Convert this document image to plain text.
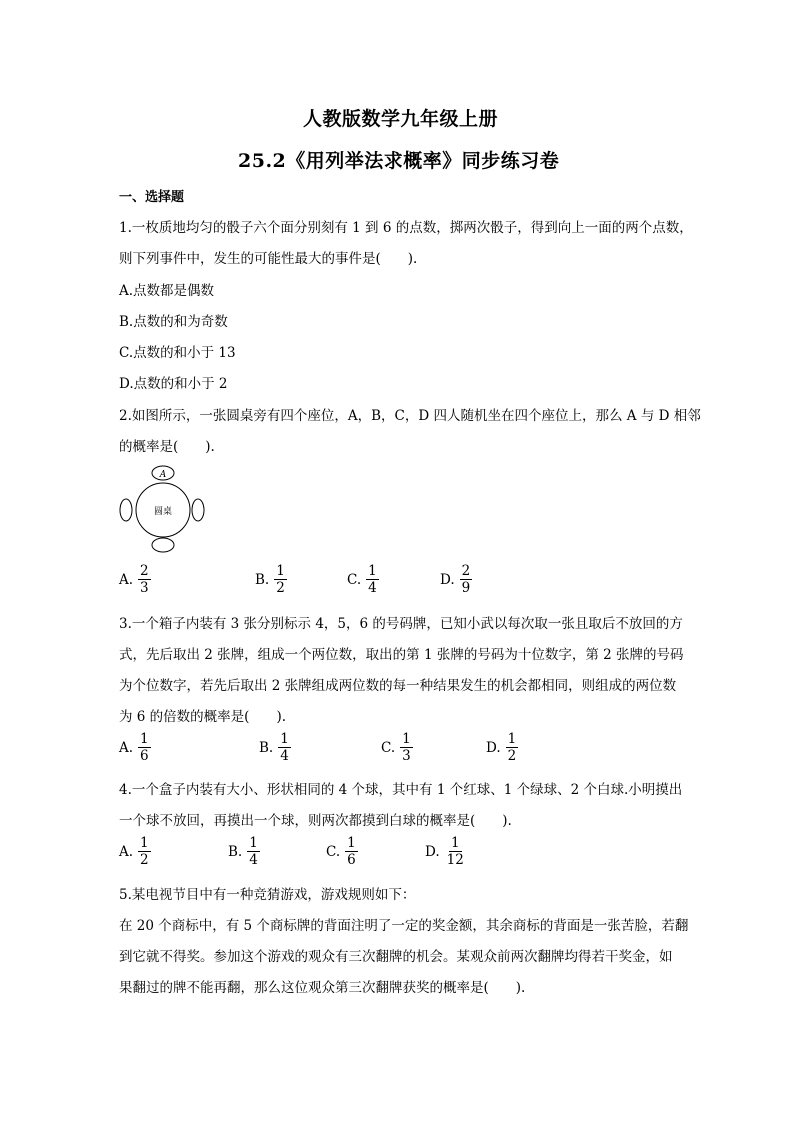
人教版数学九年级上册
25.2《用列举法求概率》同步练习卷
一、选择题
1.一枚质地均匀的骰子六个面分别刻有 1 到 6 的点数，掷两次骰子，得到向上一面的两个点数，
则下列事件中，发生的可能性最大的事件是(　　).
A.点数都是偶数
B.点数的和为奇数
C.点数的和小于 13
D.点数的和小于 2
2.如图所示，一张圆桌旁有四个座位，A，B，C，D 四人随机坐在四个座位上，那么 A 与 D 相邻
的概率是(　　).
A
圆桌
A. $\frac{2}{3}$	B. $\frac{1}{2}$	C. $\frac{1}{4}$	D. $\frac{2}{9}$
3.一个箱子内装有 3 张分别标示 4，5，6 的号码牌，已知小武以每次取一张且取后不放回的方
式，先后取出 2 张牌，组成一个两位数，取出的第 1 张牌的号码为十位数字，第 2 张牌的号码
为个位数字，若先后取出 2 张牌组成两位数的每一种结果发生的机会都相同，则组成的两位数
为 6 的倍数的概率是(　　).
A. $\frac{1}{6}$	B. $\frac{1}{4}$	C. $\frac{1}{3}$	D. $\frac{1}{2}$
4.一个盒子内装有大小、形状相同的 4 个球，其中有 1 个红球、1 个绿球、2 个白球.小明摸出
一个球不放回，再摸出一个球，则两次都摸到白球的概率是(　　).
A. $\frac{1}{2}$	B. $\frac{1}{4}$	C. $\frac{1}{6}$	D. $\frac{1}{12}$
5.某电视节目中有一种竞猜游戏，游戏规则如下：
在 20 个商标中，有 5 个商标牌的背面注明了一定的奖金额，其余商标的背面是一张苦脸，若翻
到它就不得奖。参加这个游戏的观众有三次翻牌的机会。某观众前两次翻牌均得若干奖金，如
果翻过的牌不能再翻，那么这位观众第三次翻牌获奖的概率是(　　).
